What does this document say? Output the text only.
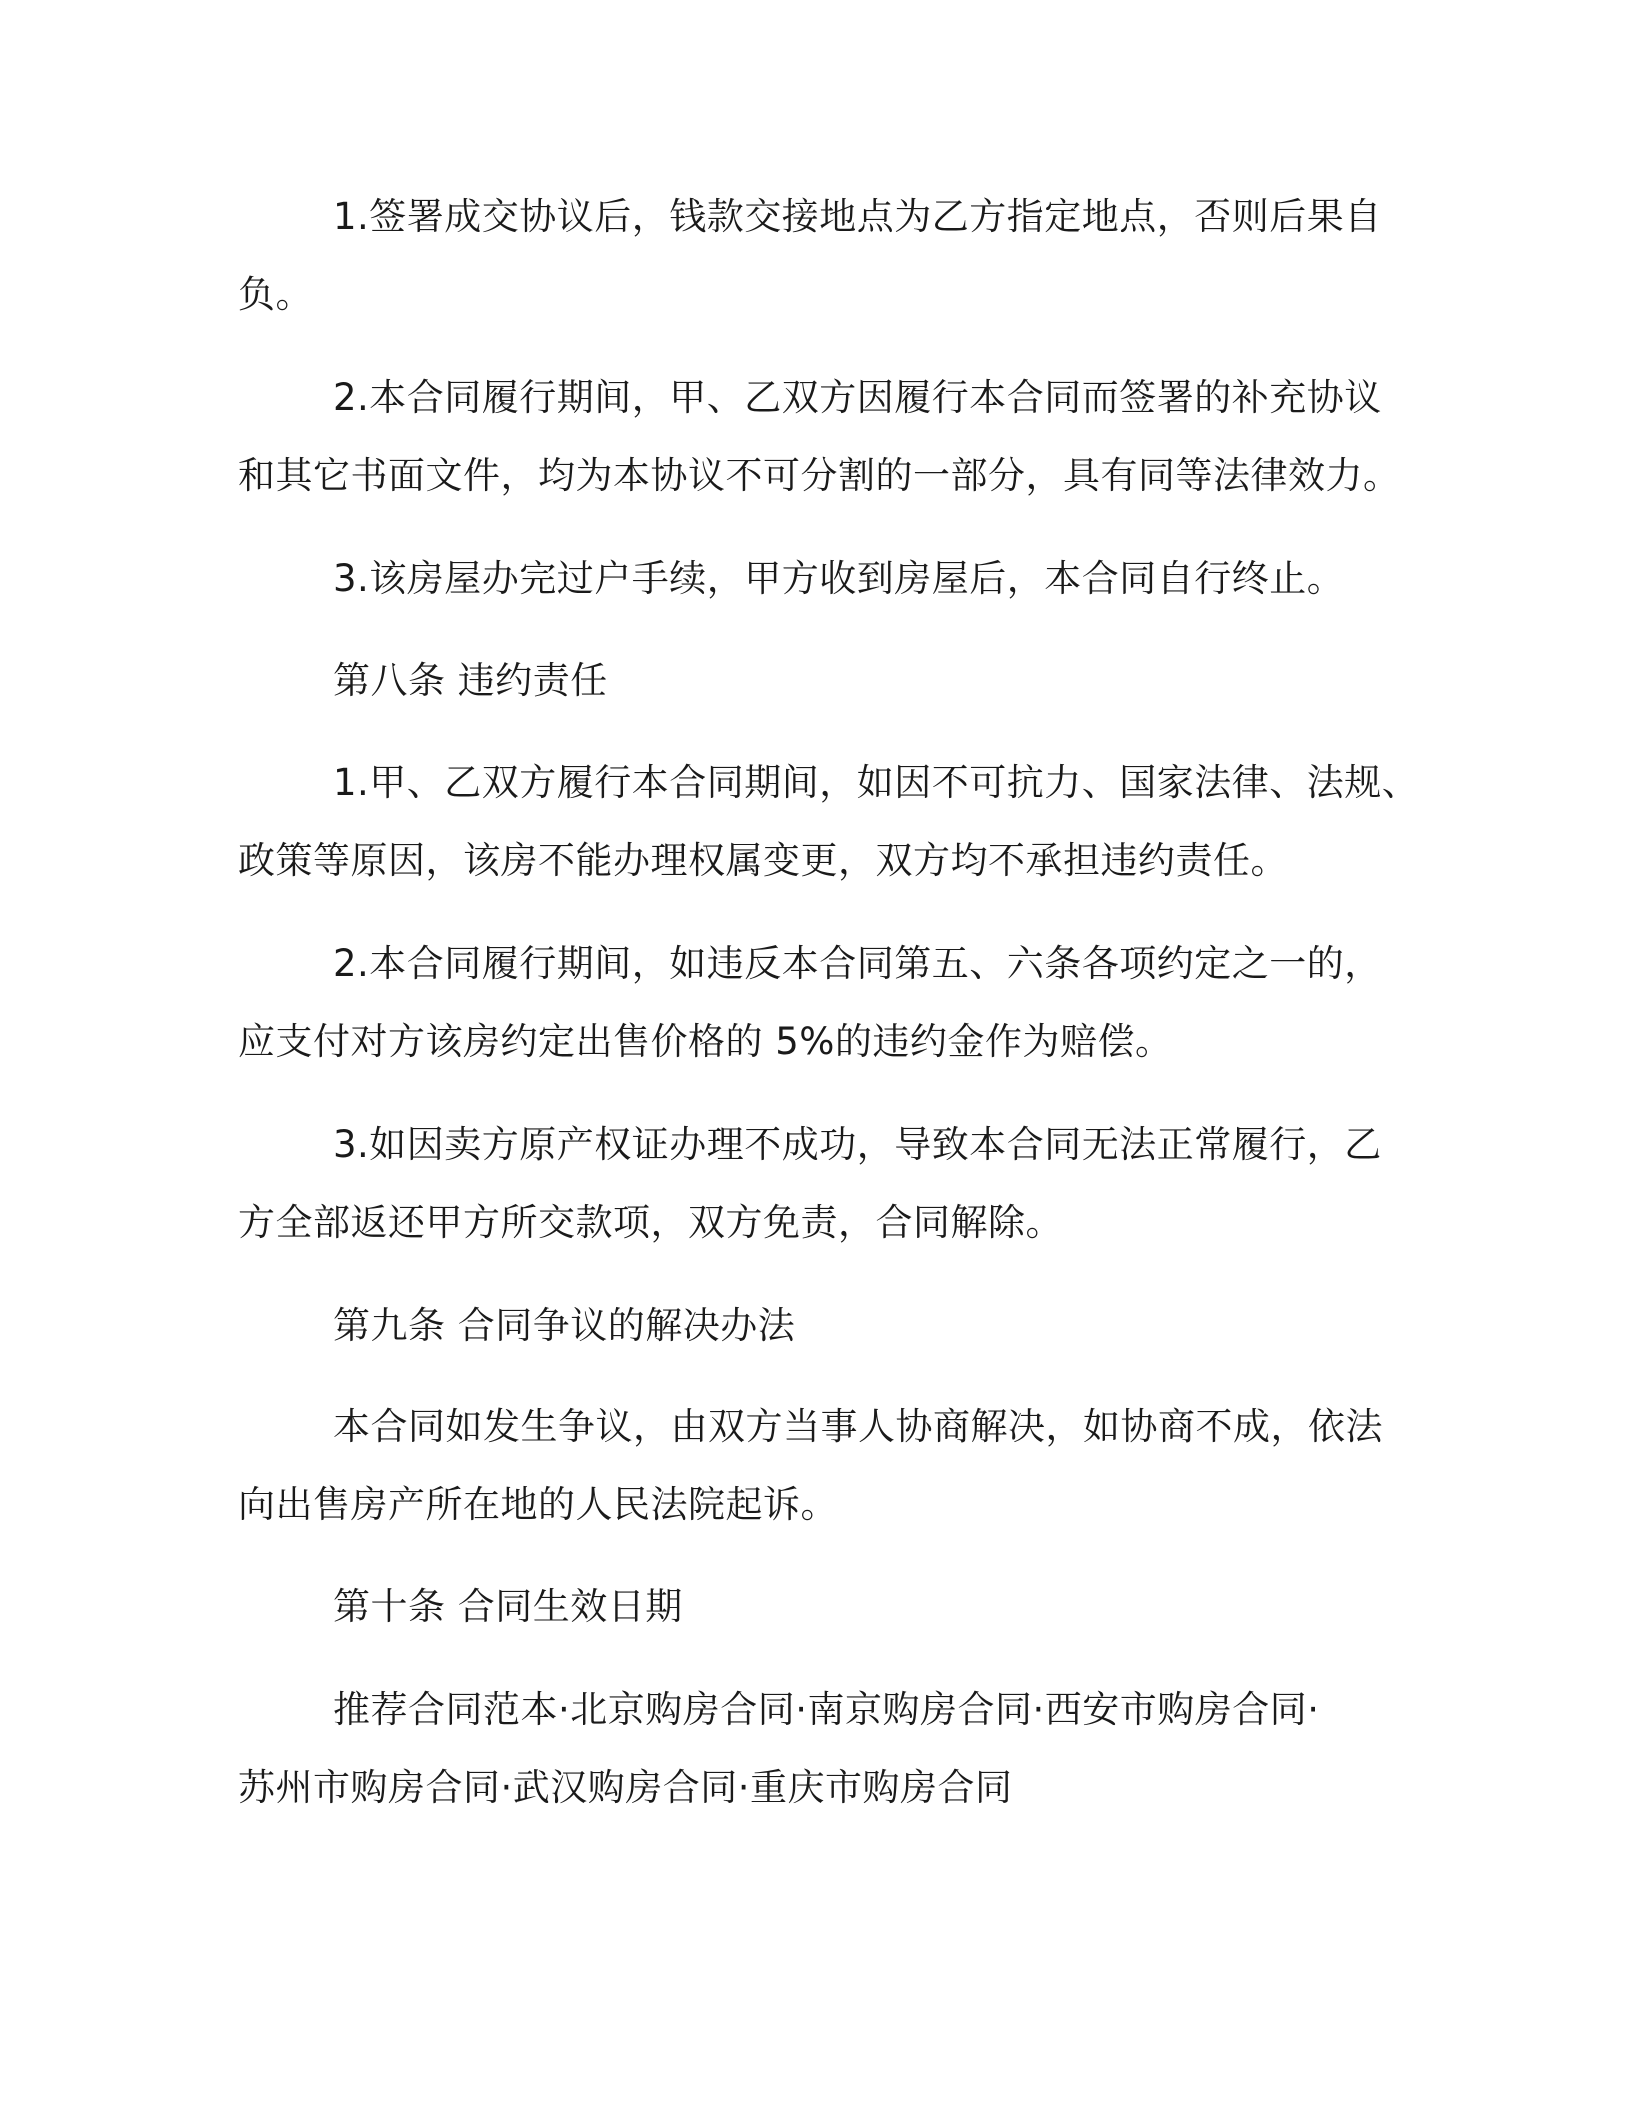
1.签署成交协议后，钱款交接地点为乙方指定地点，否则后果自
负。
2.本合同履行期间，甲、乙双方因履行本合同而签署的补充协议
和其它书面文件，均为本协议不可分割的一部分，具有同等法律效力。
3.该房屋办完过户手续，甲方收到房屋后，本合同自行终止。
第八条 违约责任
1.甲、乙双方履行本合同期间，如因不可抗力、国家法律、法规、
政策等原因，该房不能办理权属变更，双方均不承担违约责任。
2.本合同履行期间，如违反本合同第五、六条各项约定之一的，
应支付对方该房约定出售价格的 5%的违约金作为赔偿。
3.如因卖方原产权证办理不成功，导致本合同无法正常履行，乙
方全部返还甲方所交款项，双方免责，合同解除。
第九条 合同争议的解决办法
本合同如发生争议，由双方当事人协商解决，如协商不成，依法
向出售房产所在地的人民法院起诉。
第十条 合同生效日期
推荐合同范本·北京购房合同·南京购房合同·西安市购房合同·
苏州市购房合同·武汉购房合同·重庆市购房合同
